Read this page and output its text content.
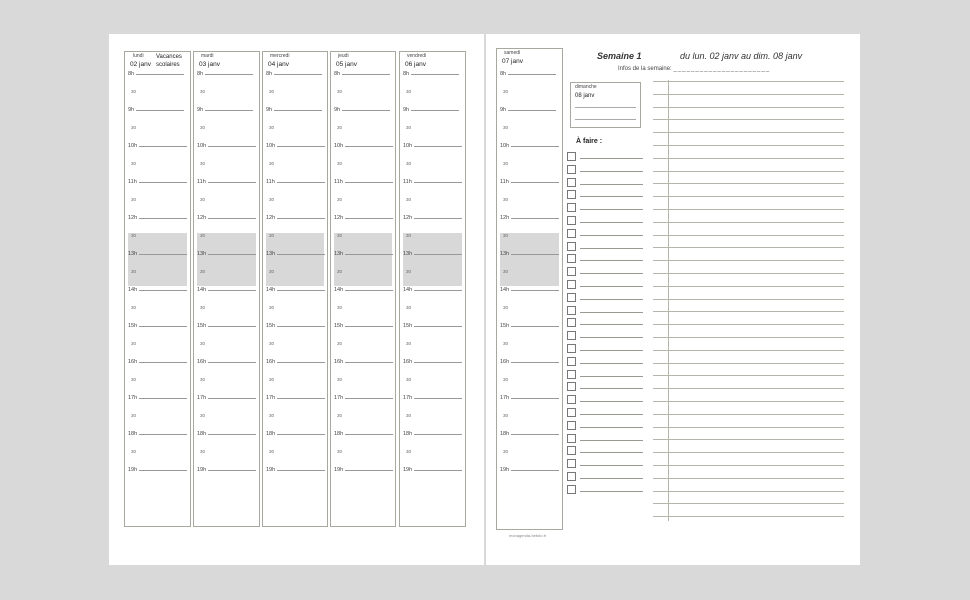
lundi
02 janv
Vacances scolaires
8h
30
9h
30
10h
30
11h
30
12h
30
13h
30
14h
30
15h
30
16h
30
17h
30
18h
30
19h
mardi
03 janv
8h
30
9h
30
10h
30
11h
30
12h
30
13h
30
14h
30
15h
30
16h
30
17h
30
18h
30
19h
mercredi
04 janv
8h
30
9h
30
10h
30
11h
30
12h
30
13h
30
14h
30
15h
30
16h
30
17h
30
18h
30
19h
jeudi
05 janv
8h
30
9h
30
10h
30
11h
30
12h
30
13h
30
14h
30
15h
30
16h
30
17h
30
18h
30
19h
vendredi
06 janv
8h
30
9h
30
10h
30
11h
30
12h
30
13h
30
14h
30
15h
30
16h
30
17h
30
18h
30
19h
samedi
07 janv
8h
30
9h
30
10h
30
11h
30
12h
30
13h
30
14h
30
15h
30
16h
30
17h
30
18h
30
19h
Semaine 1	du lun. 02 janv au dim. 08 janv
Infos de la semaine: _ _ _ _ _ _ _ _ _ _ _ _ _ _ _ _ _ _ _ _ _ _
dimanche
08 janv
À faire :
monagenda-hebdo.fr
